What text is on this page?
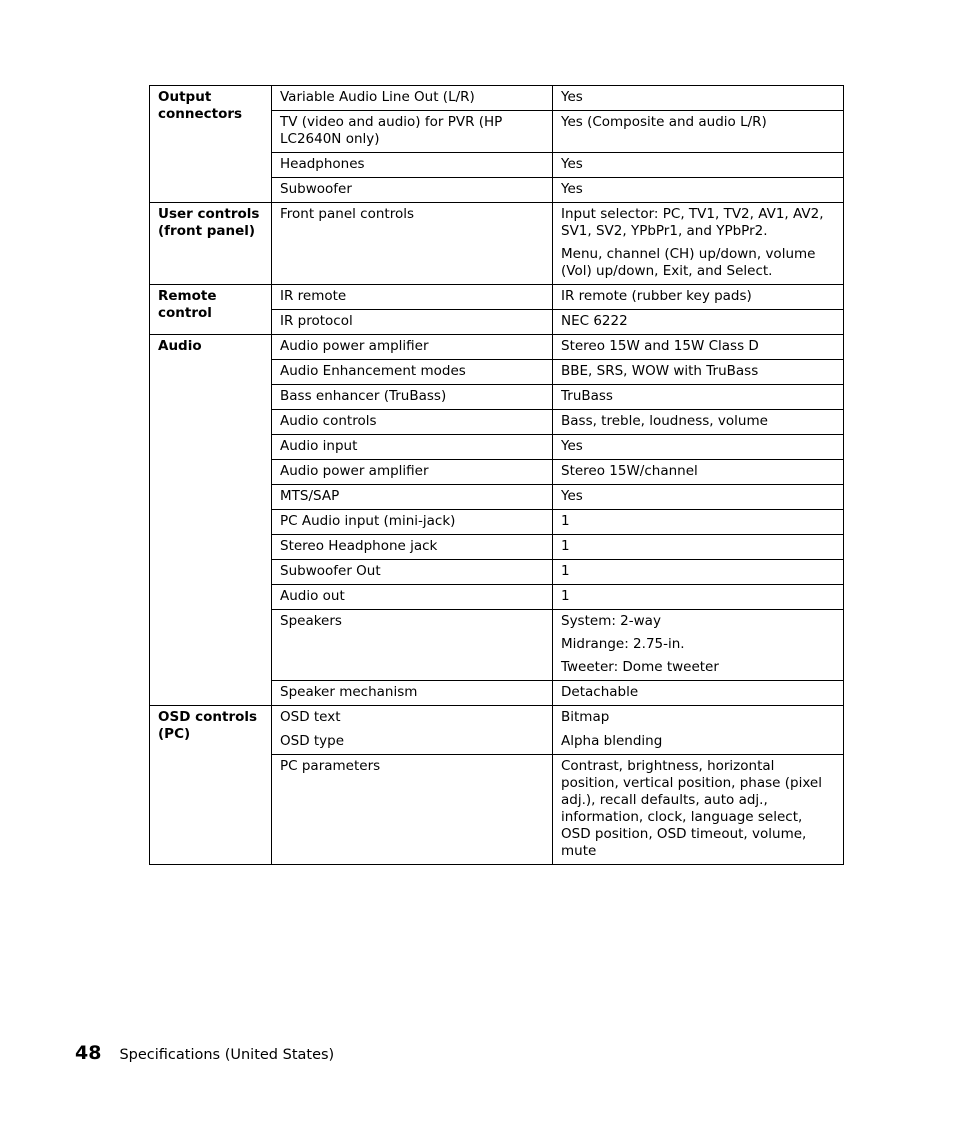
Output connectors	Variable Audio Line Out (L/R)	Yes

	TV (video and audio) for PVR (HP LC2640N only)	Yes (Composite and audio L/R)

	Headphones	Yes

	Subwoofer	Yes

User controls (front panel)	Front panel controls	Input selector: PC, TV1, TV2, AV1, AV2, SV1, SV2, YPbPr1, and YPbPr2.
Menu, channel (CH) up/down, volume (Vol) up/down, Exit, and Select.

Remote control	IR remote	IR remote (rubber key pads)

	IR protocol	NEC 6222

Audio	Audio power amplifier	Stereo 15W and 15W Class D

	Audio Enhancement modes	BBE, SRS, WOW with TruBass

	Bass enhancer (TruBass)	TruBass

	Audio controls	Bass, treble, loudness, volume

	Audio input	Yes

	Audio power amplifier	Stereo 15W/channel

	MTS/SAP	Yes

	PC Audio input (mini-jack)	1

	Stereo Headphone jack	1

	Subwoofer Out	1

	Audio out	1

	Speakers	System: 2-way
Midrange: 2.75-in.
Tweeter: Dome tweeter

	Speaker mechanism	Detachable

OSD controls (PC)	OSD text	Bitmap

	OSD type	Alpha blending

	PC parameters	Contrast, brightness, horizontal position, vertical position, phase (pixel adj.), recall defaults, auto adj., information, clock, language select, OSD position, OSD timeout, volume, mute
48 Specifications (United States)
